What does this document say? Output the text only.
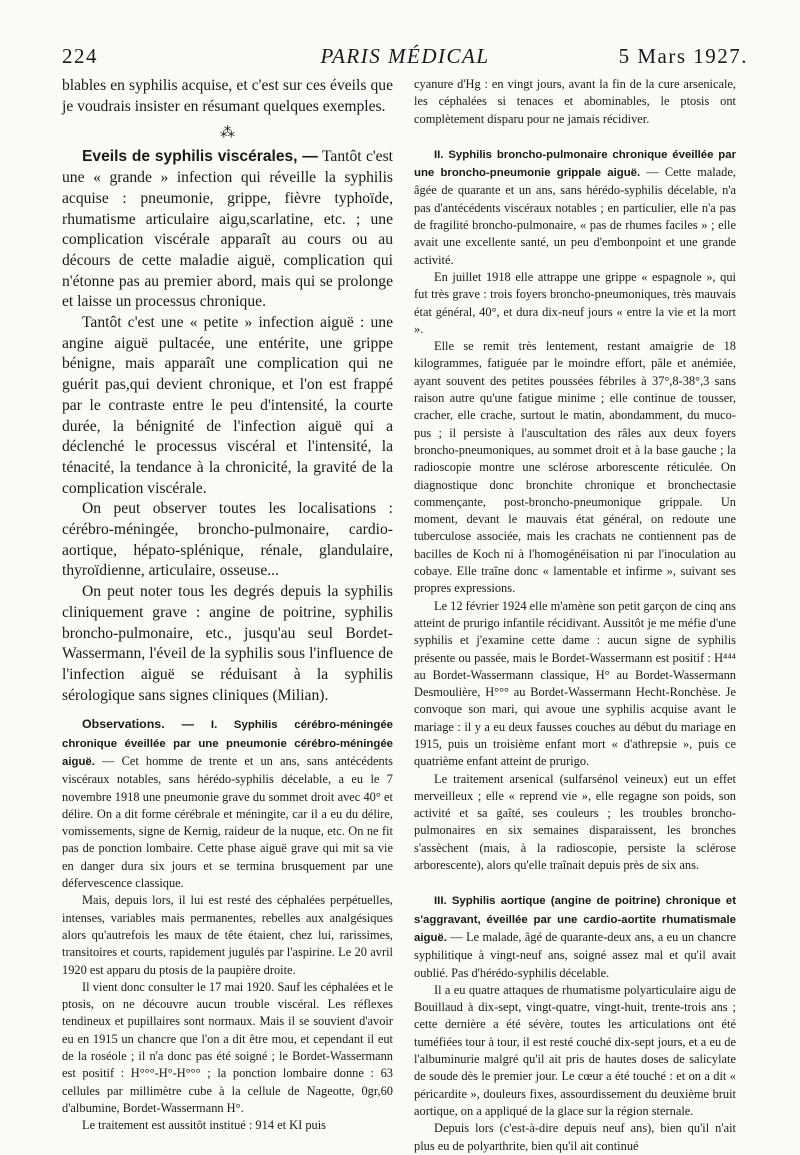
224	PARIS MÉDICAL	5 Mars 1927.

blables en syphilis acquise, et c'est sur ces éveils que je voudrais insister en résumant quelques exemples.

⁂

Eveils de syphilis viscérales, — Tantôt c'est une « grande » infection qui réveille la syphilis acquise : pneumonie, grippe, fièvre typhoïde, rhumatisme articulaire aigu,scarlatine, etc. ; une complication viscérale apparaît au cours ou au décours de cette maladie aiguë, complication qui n'étonne pas au premier abord, mais qui se prolonge et laisse un processus chronique.

Tantôt c'est une « petite » infection aiguë : une angine aiguë pultacée, une entérite, une grippe bénigne, mais apparaît une complication qui ne guérit pas,qui devient chronique, et l'on est frappé par le contraste entre le peu d'intensité, la courte durée, la bénignité de l'infection aiguë qui a déclenché le processus viscéral et l'intensité, la ténacité, la tendance à la chronicité, la gravité de la complication viscérale.

On peut observer toutes les localisations : cérébro-méningée, broncho-pulmonaire, cardio-aortique, hépato-splénique, rénale, glandulaire, thyroïdienne, articulaire, osseuse...

On peut noter tous les degrés depuis la syphilis cliniquement grave : angine de poitrine, syphilis broncho-pulmonaire, etc., jusqu'au seul Bordet-Wassermann, l'éveil de la syphilis sous l'influence de l'infection aiguë se réduisant à la syphilis sérologique sans signes cliniques (Milian).

Observations. — I. Syphilis cérébro-méningée chronique éveillée par une pneumonie cérébro-méningée aiguë. — Cet homme de trente et un ans, sans antécédents viscéraux notables, sans hérédo-syphilis décelable, a eu le 7 novembre 1918 une pneumonie grave du sommet droit avec 40° et délire. On a dit forme cérébrale et méningite, car il a eu du délire, vomissements, signe de Kernig, raideur de la nuque, etc. On ne fit pas de ponction lombaire. Cette phase aiguë grave qui mit sa vie en danger dura six jours et se termina brusquement par une défervescence classique.

Mais, depuis lors, il lui est resté des céphalées perpétuelles, intenses, variables mais permanentes, rebelles aux analgésiques alors qu'autrefois les maux de tête étaient, chez lui, rarissimes, transitoires et courts, rapidement jugulés par l'aspirine. Le 20 avril 1920 est apparu du ptosis de la paupière droite.

Il vient donc consulter le 17 mai 1920. Sauf les céphalées et le ptosis, on ne découvre aucun trouble viscéral. Les réflexes tendineux et pupillaires sont normaux. Mais il se souvient d'avoir eu en 1915 un chancre que l'on a dit être mou, et cependant il eut de la roséole ; il n'a donc pas été soigné ; le Bordet-Wassermann est positif : H°°°-H°-H°°° ; la ponction lombaire donne : 63 cellules par millimètre cube à la cellule de Nageotte, 0gr,60 d'albumine, Bordet-Wassermann H°.

Le traitement est aussitôt institué : 914 et KI puis

cyanure d'Hg : en vingt jours, avant la fin de la cure arsenicale, les céphalées si tenaces et abominables, le ptosis ont complètement disparu pour ne jamais récidiver.

II. Syphilis broncho-pulmonaire chronique éveillée par une broncho-pneumonie grippale aiguë. — Cette malade, âgée de quarante et un ans, sans hérédo-syphilis décelable, n'a pas d'antécédents viscéraux notables ; en particulier, elle n'a pas de fragilité broncho-pulmonaire, « pas de rhumes faciles » ; elle avait une excellente santé, un peu d'embonpoint et une grande activité.

En juillet 1918 elle attrappe une grippe « espagnole », qui fut très grave : trois foyers broncho-pneumoniques, très mauvais état général, 40°, et dura dix-neuf jours « entre la vie et la mort ».

Elle se remit très lentement, restant amaigrie de 18 kilogrammes, fatiguée par le moindre effort, pâle et anémiée, ayant souvent des petites poussées fébriles à 37°,8-38°,3 sans raison autre qu'une fatigue minime ; elle continue de tousser, cracher, elle crache, surtout le matin, abondamment, du muco-pus ; il persiste à l'auscultation des râles aux deux foyers broncho-pneumoniques, au sommet droit et à la base gauche ; la radioscopie montre une sclérose arborescente réticulée. On diagnostique donc bronchite chronique et bronchectasie commençante, post-broncho-pneumonique grippale. Un moment, devant le mauvais état général, on redoute une tuberculose associée, mais les crachats ne contiennent pas de bacilles de Koch ni à l'homogénéisation ni par l'inoculation au cobaye. Elle traîne donc « lamentable et infirme », suivant ses propres expressions.

Le 12 février 1924 elle m'amène son petit garçon de cinq ans atteint de prurigo infantile récidivant. Aussitôt je me méfie d'une syphilis et j'examine cette dame : aucun signe de syphilis présente ou passée, mais le Bordet-Wassermann est positif : H⁴⁴⁴ au Bordet-Wassermann classique, H° au Bordet-Wassermann Desmoulière, H°°° au Bordet-Wassermann Hecht-Ronchèse. Je convoque son mari, qui avoue une syphilis acquise avant le mariage : il y a eu deux fausses couches au début du mariage en 1915, puis un troisième enfant mort « d'athrepsie », puis ce quatrième enfant atteint de prurigo.

Le traitement arsenical (sulfarsénol veineux) eut un effet merveilleux ; elle « reprend vie », elle regagne son poids, son activité et sa gaîté, ses couleurs ; les troubles broncho-pulmonaires en six semaines disparaissent, les bronches s'assèchent (mais, à la radioscopie, persiste la sclérose arborescente), alors qu'elle traînait depuis près de six ans.

III. Syphilis aortique (angine de poitrine) chronique et s'aggravant, éveillée par une cardio-aortite rhumatismale aiguë. — Le malade, âgé de quarante-deux ans, a eu un chancre syphilitique à vingt-neuf ans, soigné assez mal et qu'il avait oublié. Pas d'hérédo-syphilis décelable.

Il a eu quatre attaques de rhumatisme polyarticulaire aigu de Bouillaud à dix-sept, vingt-quatre, vingt-huit, trente-trois ans ; cette dernière a été sévère, toutes les articulations ont été tuméfiées tour à tour, il est resté couché dix-sept jours, et a eu de l'albuminurie malgré qu'il ait pris de hautes doses de salicylate de soude dès le premier jour. Le cœur a été touché : et on a dit « péricardite », douleurs fixes, assourdissement du deuxième bruit aortique, on a appliqué de la glace sur la région sternale.

Depuis lors (c'est-à-dire depuis neuf ans), bien qu'il n'ait plus eu de polyarthrite, bien qu'il ait continué
